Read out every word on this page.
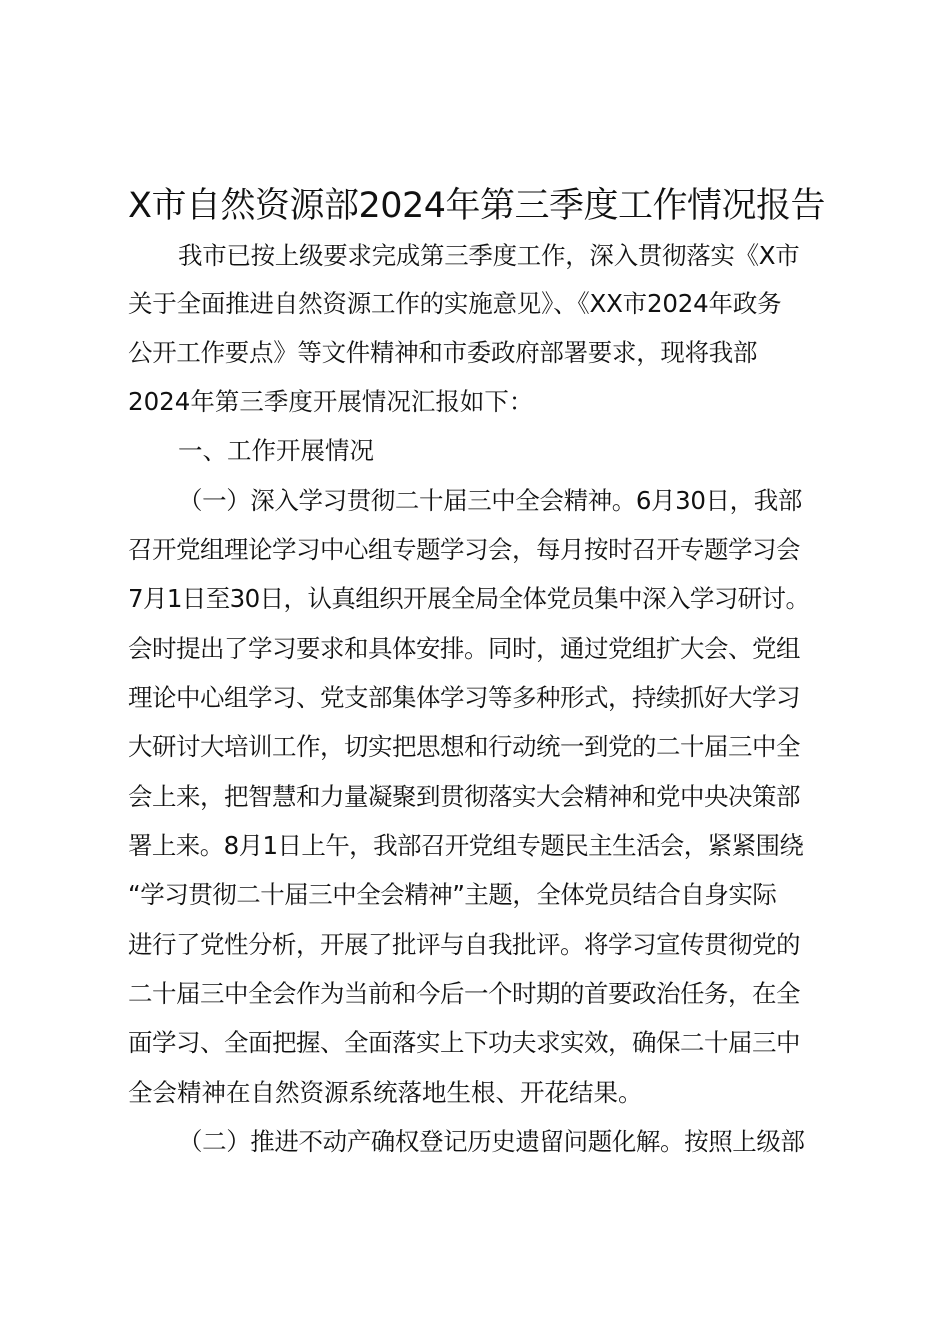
X市自然资源部2024年第三季度工作情况报告
我市已按上级要求完成第三季度工作，深入贯彻落实《X市
关于全面推进自然资源工作的实施意见》、《XX市2024年政务
公开工作要点》等文件精神和市委政府部署要求，现将我部
2024年第三季度开展情况汇报如下：
一、工作开展情况
（一）深入学习贯彻二十届三中全会精神。6月30日，我部
召开党组理论学习中心组专题学习会，每月按时召开专题学习会
7月1日至30日，认真组织开展全局全体党员集中深入学习研讨。
会时提出了学习要求和具体安排。同时，通过党组扩大会、党组
理论中心组学习、党支部集体学习等多种形式，持续抓好大学习
大研讨大培训工作，切实把思想和行动统一到党的二十届三中全
会上来，把智慧和力量凝聚到贯彻落实大会精神和党中央决策部
署上来。8月1日上午，我部召开党组专题民主生活会，紧紧围绕
“学习贯彻二十届三中全会精神”主题，全体党员结合自身实际
进行了党性分析，开展了批评与自我批评。将学习宣传贯彻党的
二十届三中全会作为当前和今后一个时期的首要政治任务，在全
面学习、全面把握、全面落实上下功夫求实效，确保二十届三中
全会精神在自然资源系统落地生根、开花结果。
（二）推进不动产确权登记历史遗留问题化解。按照上级部
